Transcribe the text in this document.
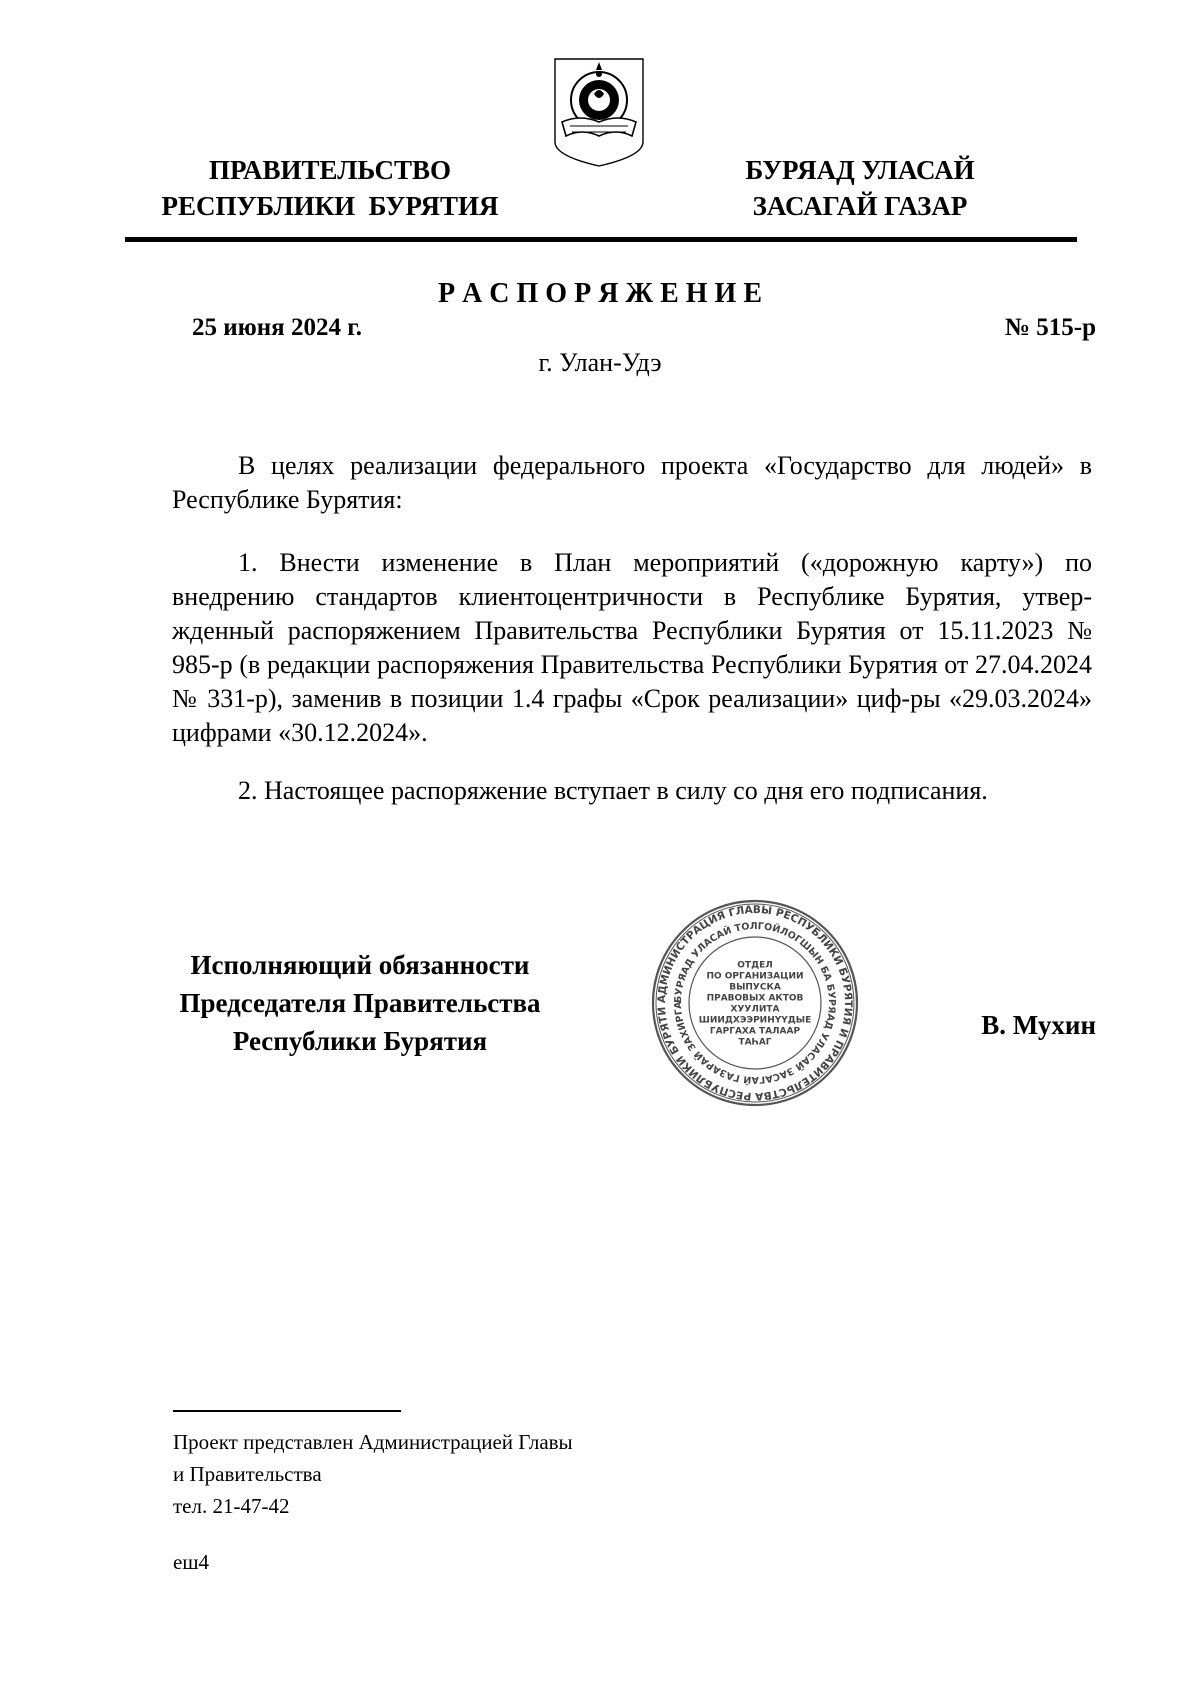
ПРАВИТЕЛЬСТВО
РЕСПУБЛИКИ  БУРЯТИЯ
БУРЯАД УЛАСАЙ
ЗАСАГАЙ ГАЗАР
Р А С П О Р Я Ж Е Н И Е
25 июня 2024 г.	№ 515-р
г. Улан-Удэ
В целях реализации федерального проекта «Государство для людей» в Республике Бурятия:
1. Внести изменение в План мероприятий («дорожную карту») по внедрению стандартов клиентоцентричности в Республике Бурятия, утвер-жденный распоряжением Правительства Республики Бурятия от 15.11.2023 № 985-р (в редакции распоряжения Правительства Республики Бурятия от 27.04.2024 № 331-р), заменив в позиции 1.4 графы «Срок реализации» циф-ры «29.03.2024» цифрами «30.12.2024».
2. Настоящее распоряжение вступает в силу со дня его подписания.
Исполняющий обязанности
Председателя Правительства
Республики Бурятия
В. Мухин
АДМИНИСТРАЦИЯ ГЛАВЫ РЕСПУБЛИКИ БУРЯТИЯ И ПРАВИТЕЛЬСТВА РЕСПУБЛИКИ БУРЯТИ
БУРЯАД УЛАСАЙ ТОЛГОЙЛОГШЫН БА БУРЯАД УЛАСАЙ ЗАСАГАЙ ГАЗАРАЙ ЗАХИРГА
ОТДЕЛ
ПО ОРГАНИЗАЦИИ
ВЫПУСКА
ПРАВОВЫХ АКТОВ
ХУУЛИТА
ШИИДХЭЭРИНҮҮДЫЕ
ГАРГАХА ТАЛААР
ТАҺАГ
Проект представлен Администрацией Главы
и Правительства
тел. 21-47-42
еш4
